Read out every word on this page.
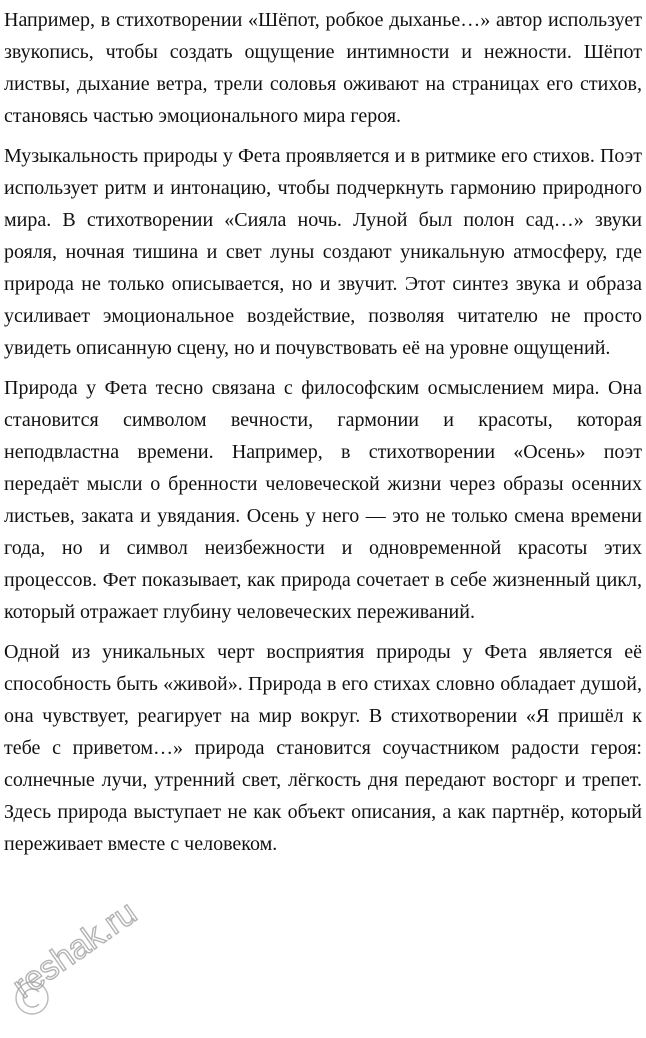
Например, в стихотворении «Шёпот, робкое дыханье…» автор использует звукопись, чтобы создать ощущение интимности и нежности. Шёпот листвы, дыхание ветра, трели соловья оживают на страницах его стихов, становясь частью эмоционального мира героя.

Музыкальность природы у Фета проявляется и в ритмике его стихов. Поэт использует ритм и интонацию, чтобы подчеркнуть гармонию природного мира. В стихотворении «Сияла ночь. Луной был полон сад…» звуки рояля, ночная тишина и свет луны создают уникальную атмосферу, где природа не только описывается, но и звучит. Этот синтез звука и образа усиливает эмоциональное воздействие, позволяя читателю не просто увидеть описанную сцену, но и почувствовать её на уровне ощущений.

Природа у Фета тесно связана с философским осмыслением мира. Она становится символом вечности, гармонии и красоты, которая неподвластна времени. Например, в стихотворении «Осень» поэт передаёт мысли о бренности человеческой жизни через образы осенних листьев, заката и увядания. Осень у него — это не только смена времени года, но и символ неизбежности и одновременной красоты этих процессов. Фет показывает, как природа сочетает в себе жизненный цикл, который отражает глубину человеческих переживаний.

Одной из уникальных черт восприятия природы у Фета является её способность быть «живой». Природа в его стихах словно обладает душой, она чувствует, реагирует на мир вокруг. В стихотворении «Я пришёл к тебе с приветом…» природа становится соучастником радости героя: солнечные лучи, утренний свет, лёгкость дня передают восторг и трепет. Здесь природа выступает не как объект описания, а как партнёр, который переживает вместе с человеком.

reshak.ru
